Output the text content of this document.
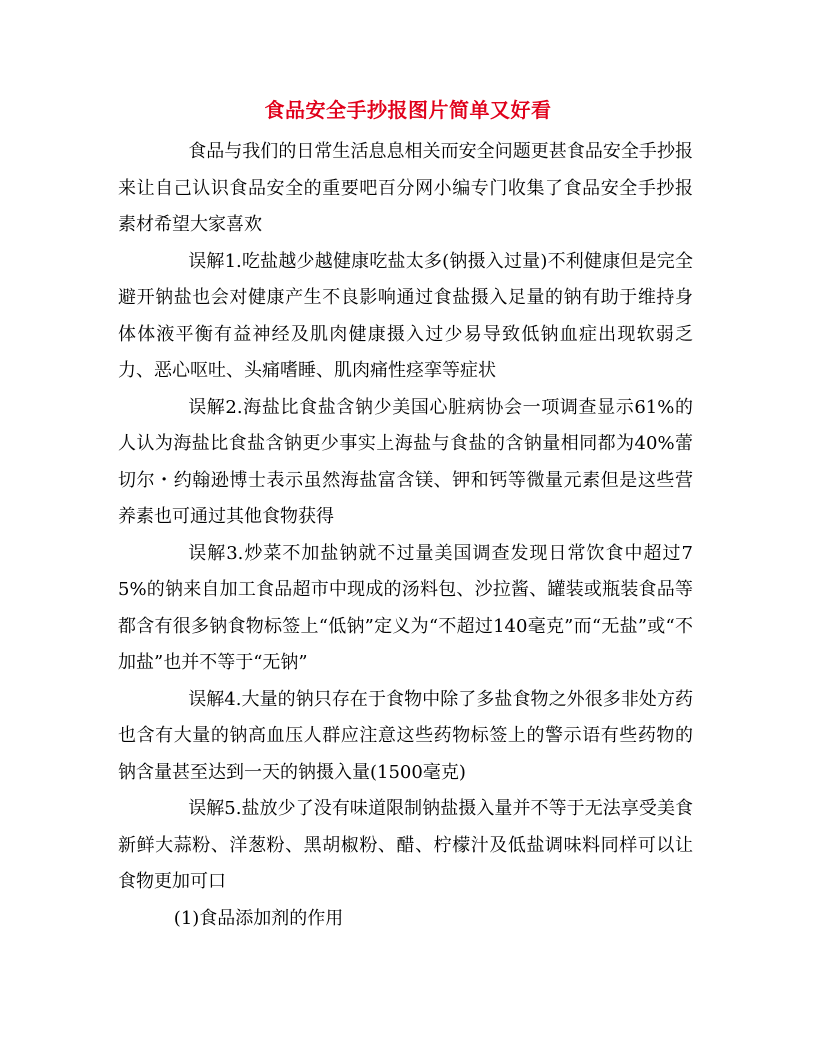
食品安全手抄报图片简单又好看

食品与我们的日常生活息息相关而安全问题更甚食品安全手抄报来让自己认识食品安全的重要吧百分网小编专门收集了食品安全手抄报素材希望大家喜欢

误解1.吃盐越少越健康吃盐太多(钠摄入过量)不利健康但是完全避开钠盐也会对健康产生不良影响通过食盐摄入足量的钠有助于维持身体体液平衡有益神经及肌肉健康摄入过少易导致低钠血症出现软弱乏力、恶心呕吐、头痛嗜睡、肌肉痛性痉挛等症状

误解2.海盐比食盐含钠少美国心脏病协会一项调查显示61%的人认为海盐比食盐含钠更少事实上海盐与食盐的含钠量相同都为40%蕾切尔・约翰逊博士表示虽然海盐富含镁、钾和钙等微量元素但是这些营养素也可通过其他食物获得

误解3.炒菜不加盐钠就不过量美国调查发现日常饮食中超过75%的钠来自加工食品超市中现成的汤料包、沙拉酱、罐装或瓶装食品等都含有很多钠食物标签上“低钠”定义为“不超过140毫克”而“无盐”或“不加盐”也并不等于“无钠”

误解4.大量的钠只存在于食物中除了多盐食物之外很多非处方药也含有大量的钠高血压人群应注意这些药物标签上的警示语有些药物的钠含量甚至达到一天的钠摄入量(1500毫克)

误解5.盐放少了没有味道限制钠盐摄入量并不等于无法享受美食新鲜大蒜粉、洋葱粉、黑胡椒粉、醋、柠檬汁及低盐调味料同样可以让食物更加可口

(1)食品添加剂的作用
